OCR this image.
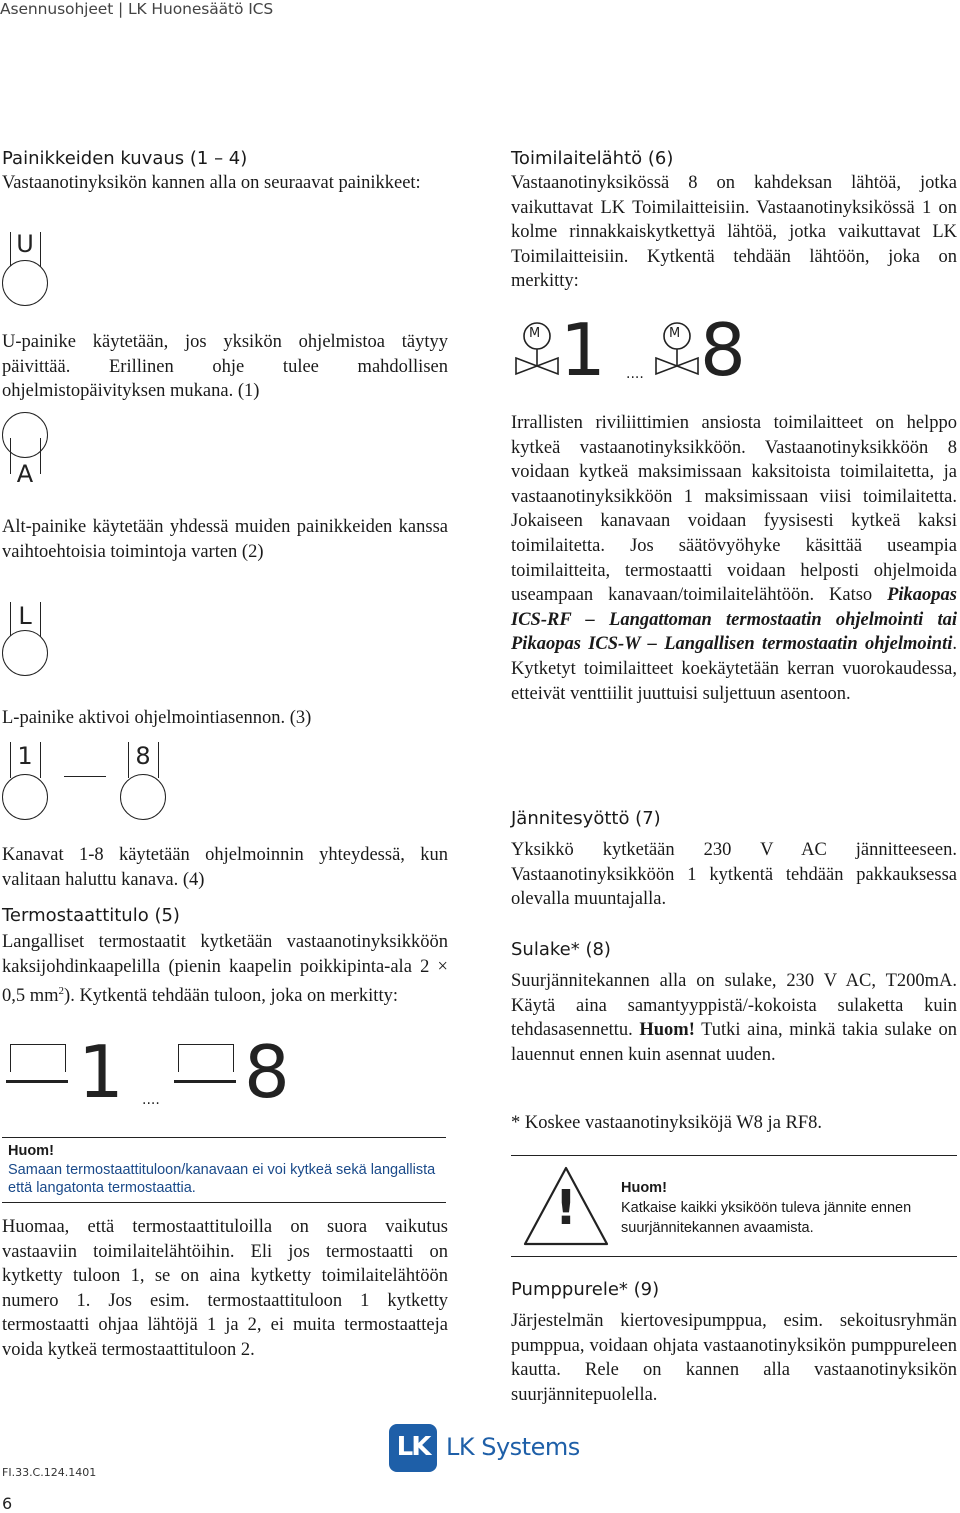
Asennusohjeet | LK Huonesäätö ICS
Painikkeiden kuvaus (1 – 4)

Vastaanotinyksikön kannen alla on seuraavat painikkeet:

U

U-painike käytetään, jos yksikön ohjelmistoa täytyy päivittää. Erillinen ohje tulee mahdollisen ohjelmistopäivityksen mukana. (1)

A

Alt-painike käytetään yhdessä muiden painikkeiden kanssa vaihtoehtoisia toimintoja varten (2)

L

L-painike aktivoi ohjelmointiasennon. (3)

1	8

Kanavat 1-8 käytetään ohjelmoinnin yhteydessä, kun valitaan haluttu kanava. (4)

Termostaattitulo (5)

Langalliset termostaatit kytketään vastaanotinyksikköön kaksijohdinkaapelilla (pienin kaapelin poikkipinta-ala 2 × 0,5 $mm^2$). Kytkentä tehdään tuloon, joka on merkitty:

1 .... 8
Huom!
Samaan termostaattituloon/kanavaan ei voi kytkeä sekä langallista että langatonta termostaattia.

Huomaa, että termostaattituloilla on suora vaikutus vastaaviin toimilaitelähtöihin. Eli jos termostaatti on kytketty tuloon 1, se on aina kytketty toimilaitelähtöön numero 1. Jos esim. termostaattituloon 1 kytketty termostaatti ohjaa lähtöjä 1 ja 2, ei muita termostaatteja voida kytkeä termostaattituloon 2.

Toimilaitelähtö (6)

Vastaanotinyksikössä 8 on kahdeksan lähtöä, jotka vaikuttavat LK Toimilaitteisiin. Vastaanotinyksikössä 1 on kolme rinnakkaiskytkettyä lähtöä, jotka vaikuttavat LK Toimilaitteisiin. Kytkentä tehdään lähtöön, joka on merkitty:

M	M
1 .... 8

Irrallisten riviliittimien ansiosta toimilaitteet on helppo kytkeä vastaanotinyksikköön. Vastaanotinyksikköön 8 voidaan kytkeä maksimissaan kaksitoista toimilaitetta, ja vastaanotinyksikköön 1 maksimissaan viisi toimilaitetta. Jokaiseen kanavaan voidaan fyysisesti kytkeä kaksi toimilaitetta. Jos säätövyöhyke käsittää useampia toimilaitteita, termostaatti voidaan helposti ohjelmoida useampaan kanavaan/toimilaitelähtöön. Katso Pikaopas ICS-RF – Langattoman termostaatin ohjelmointi tai Pikaopas ICS-W – Langallisen termostaatin ohjelmointi. Kytketyt toimilaitteet koekäytetään kerran vuorokaudessa, etteivät venttiilit juuttuisi suljettuun asentoon.

Jännitesyöttö (7)

Yksikkö kytketään 230 V AC jännitteeseen. Vastaanotinyksikköön 1 kytkentä tehdään pakkauksessa olevalla muuntajalla.

Sulake* (8)

Suurjännitekannen alla on sulake, 230 V AC, T200mA. Käytä aina samantyyppistä/-kokoista sulaketta kuin tehdasasennettu. Huom! Tutki aina, minkä takia sulake on lauennut ennen kuin asennat uuden.

* Koskee vastaanotinyksiköjä W8 ja RF8.

!	Huom!
Katkaise kaikki yksiköön tuleva jännite ennen suurjännitekannen avaamista.
Pumppurele* (9)

Järjestelmän kiertovesipumppua, esim. sekoitusryhmän pumppua, voidaan ohjata vastaanotinyksikön pumppureleen kautta. Rele on kannen alla vastaanotinyksikön suurjännitepuolella.

FI.33.C.124.1401
6
LK LK Systems
